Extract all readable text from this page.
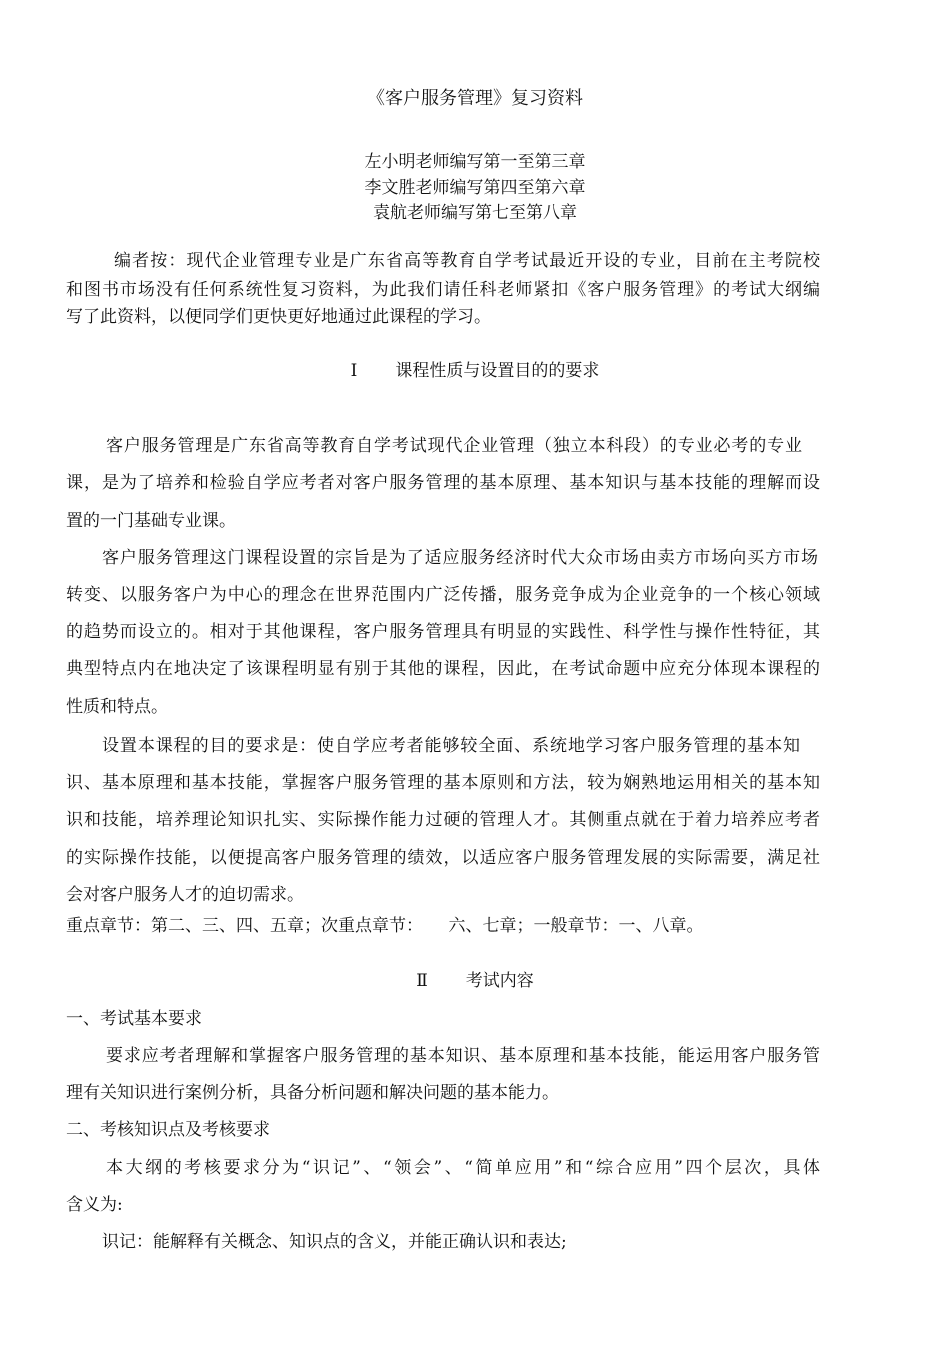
《客户服务管理》复习资料
左小明老师编写第一至第三章
李文胜老师编写第四至第六章
袁航老师编写第七至第八章
编者按：现代企业管理专业是广东省高等教育自学考试最近开设的专业，目前在主考院校
和图书市场没有任何系统性复习资料，为此我们请任科老师紧扣《客户服务管理》的考试大纲编
写了此资料，以便同学们更快更好地通过此课程的学习。
Ⅰ 课程性质与设置目的的要求
客户服务管理是广东省高等教育自学考试现代企业管理（独立本科段）的专业必考的专业
课，是为了培养和检验自学应考者对客户服务管理的基本原理、基本知识与基本技能的理解而设
置的一门基础专业课。
客户服务管理这门课程设置的宗旨是为了适应服务经济时代大众市场由卖方市场向买方市场
转变、以服务客户为中心的理念在世界范围内广泛传播，服务竞争成为企业竞争的一个核心领域
的趋势而设立的。相对于其他课程，客户服务管理具有明显的实践性、科学性与操作性特征，其
典型特点内在地决定了该课程明显有别于其他的课程，因此，在考试命题中应充分体现本课程的
性质和特点。
设置本课程的目的要求是：使自学应考者能够较全面、系统地学习客户服务管理的基本知
识、基本原理和基本技能，掌握客户服务管理的基本原则和方法，较为娴熟地运用相关的基本知
识和技能，培养理论知识扎实、实际操作能力过硬的管理人才。其侧重点就在于着力培养应考者
的实际操作技能，以便提高客户服务管理的绩效，以适应客户服务管理发展的实际需要，满足社
会对客户服务人才的迫切需求。
重点章节：第二、三、四、五章；次重点章节：　　六、七章；一般章节：一、八章。
Ⅱ 考试内容
一、考试基本要求
要求应考者理解和掌握客户服务管理的基本知识、基本原理和基本技能，能运用客户服务管
理有关知识进行案例分析，具备分析问题和解决问题的基本能力。
二、考核知识点及考核要求
本大纲的考核要求分为“识记”、“领会”、“简单应用”和“综合应用”四个层次，具体
含义为:
识记：能解释有关概念、知识点的含义，并能正确认识和表达;
